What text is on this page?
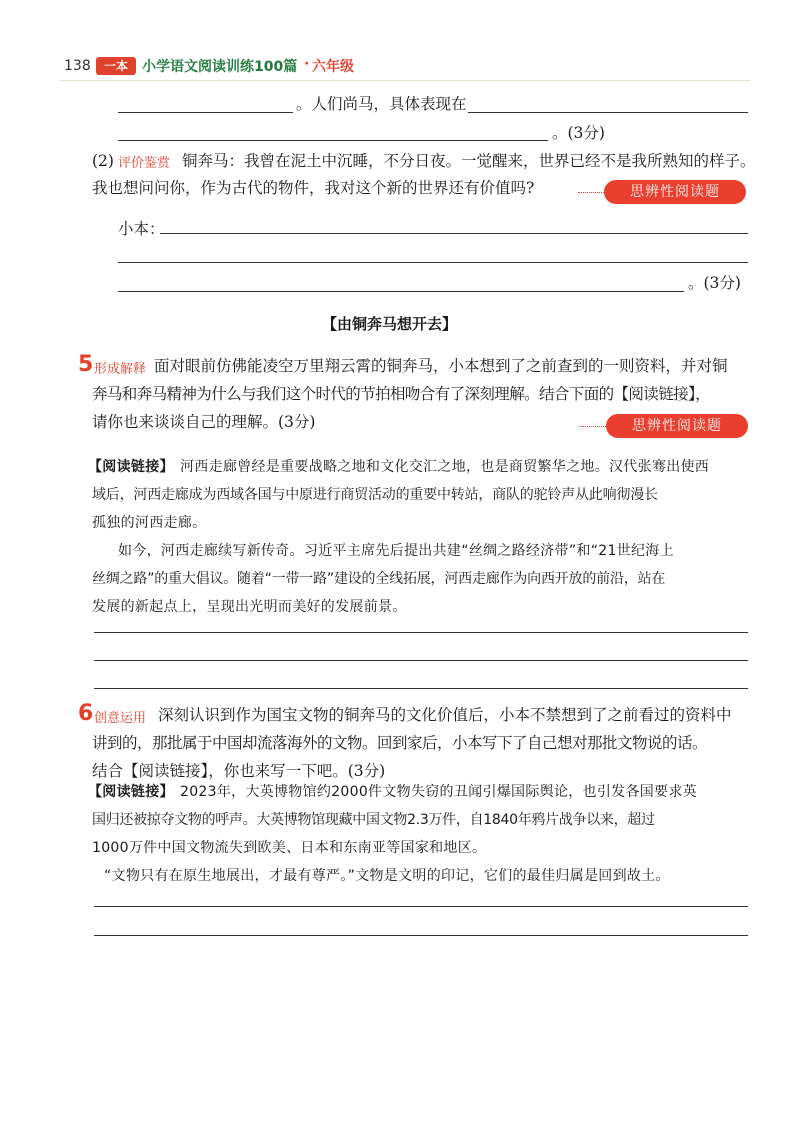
138	一本	小学语文阅读训练100篇 · 六年级
。人们尚马，具体表现在
。(3分)
(2) 评价鉴赏 铜奔马：我曾在泥土中沉睡，不分日夜。一觉醒来，世界已经不是我所熟知的样子。
我也想问问你，作为古代的物件，我对这个新的世界还有价值吗?	思辨性阅读题
小本：
。(3分)
【由铜奔马想开去】
5 形成解释 面对眼前仿佛能凌空万里翔云霄的铜奔马，小本想到了之前查到的一则资料，并对铜
奔马和奔马精神为什么与我们这个时代的节拍相吻合有了深刻理解。结合下面的【阅读链接】，
请你也来谈谈自己的理解。(3分)	思辨性阅读题
【阅读链接】 河西走廊曾经是重要战略之地和文化交汇之地，也是商贸繁华之地。汉代张骞出使西
域后，河西走廊成为西域各国与中原进行商贸活动的重要中转站，商队的驼铃声从此响彻漫长
孤独的河西走廊。
如今，河西走廊续写新传奇。习近平主席先后提出共建“丝绸之路经济带”和“21世纪海上
丝绸之路”的重大倡议。随着“一带一路”建设的全线拓展，河西走廊作为向西开放的前沿，站在
发展的新起点上，呈现出光明而美好的发展前景。
6 创意运用 深刻认识到作为国宝文物的铜奔马的文化价值后，小本不禁想到了之前看过的资料中
讲到的，那批属于中国却流落海外的文物。回到家后，小本写下了自己想对那批文物说的话。
结合【阅读链接】，你也来写一下吧。(3分)
【阅读链接】 2023年，大英博物馆约2000件文物失窃的丑闻引爆国际舆论，也引发各国要求英
国归还被掠夺文物的呼声。大英博物馆现藏中国文物2.3万件，自1840年鸦片战争以来，超过
1000万件中国文物流失到欧美、日本和东南亚等国家和地区。
“文物只有在原生地展出，才最有尊严。”文物是文明的印记，它们的最佳归属是回到故土。
